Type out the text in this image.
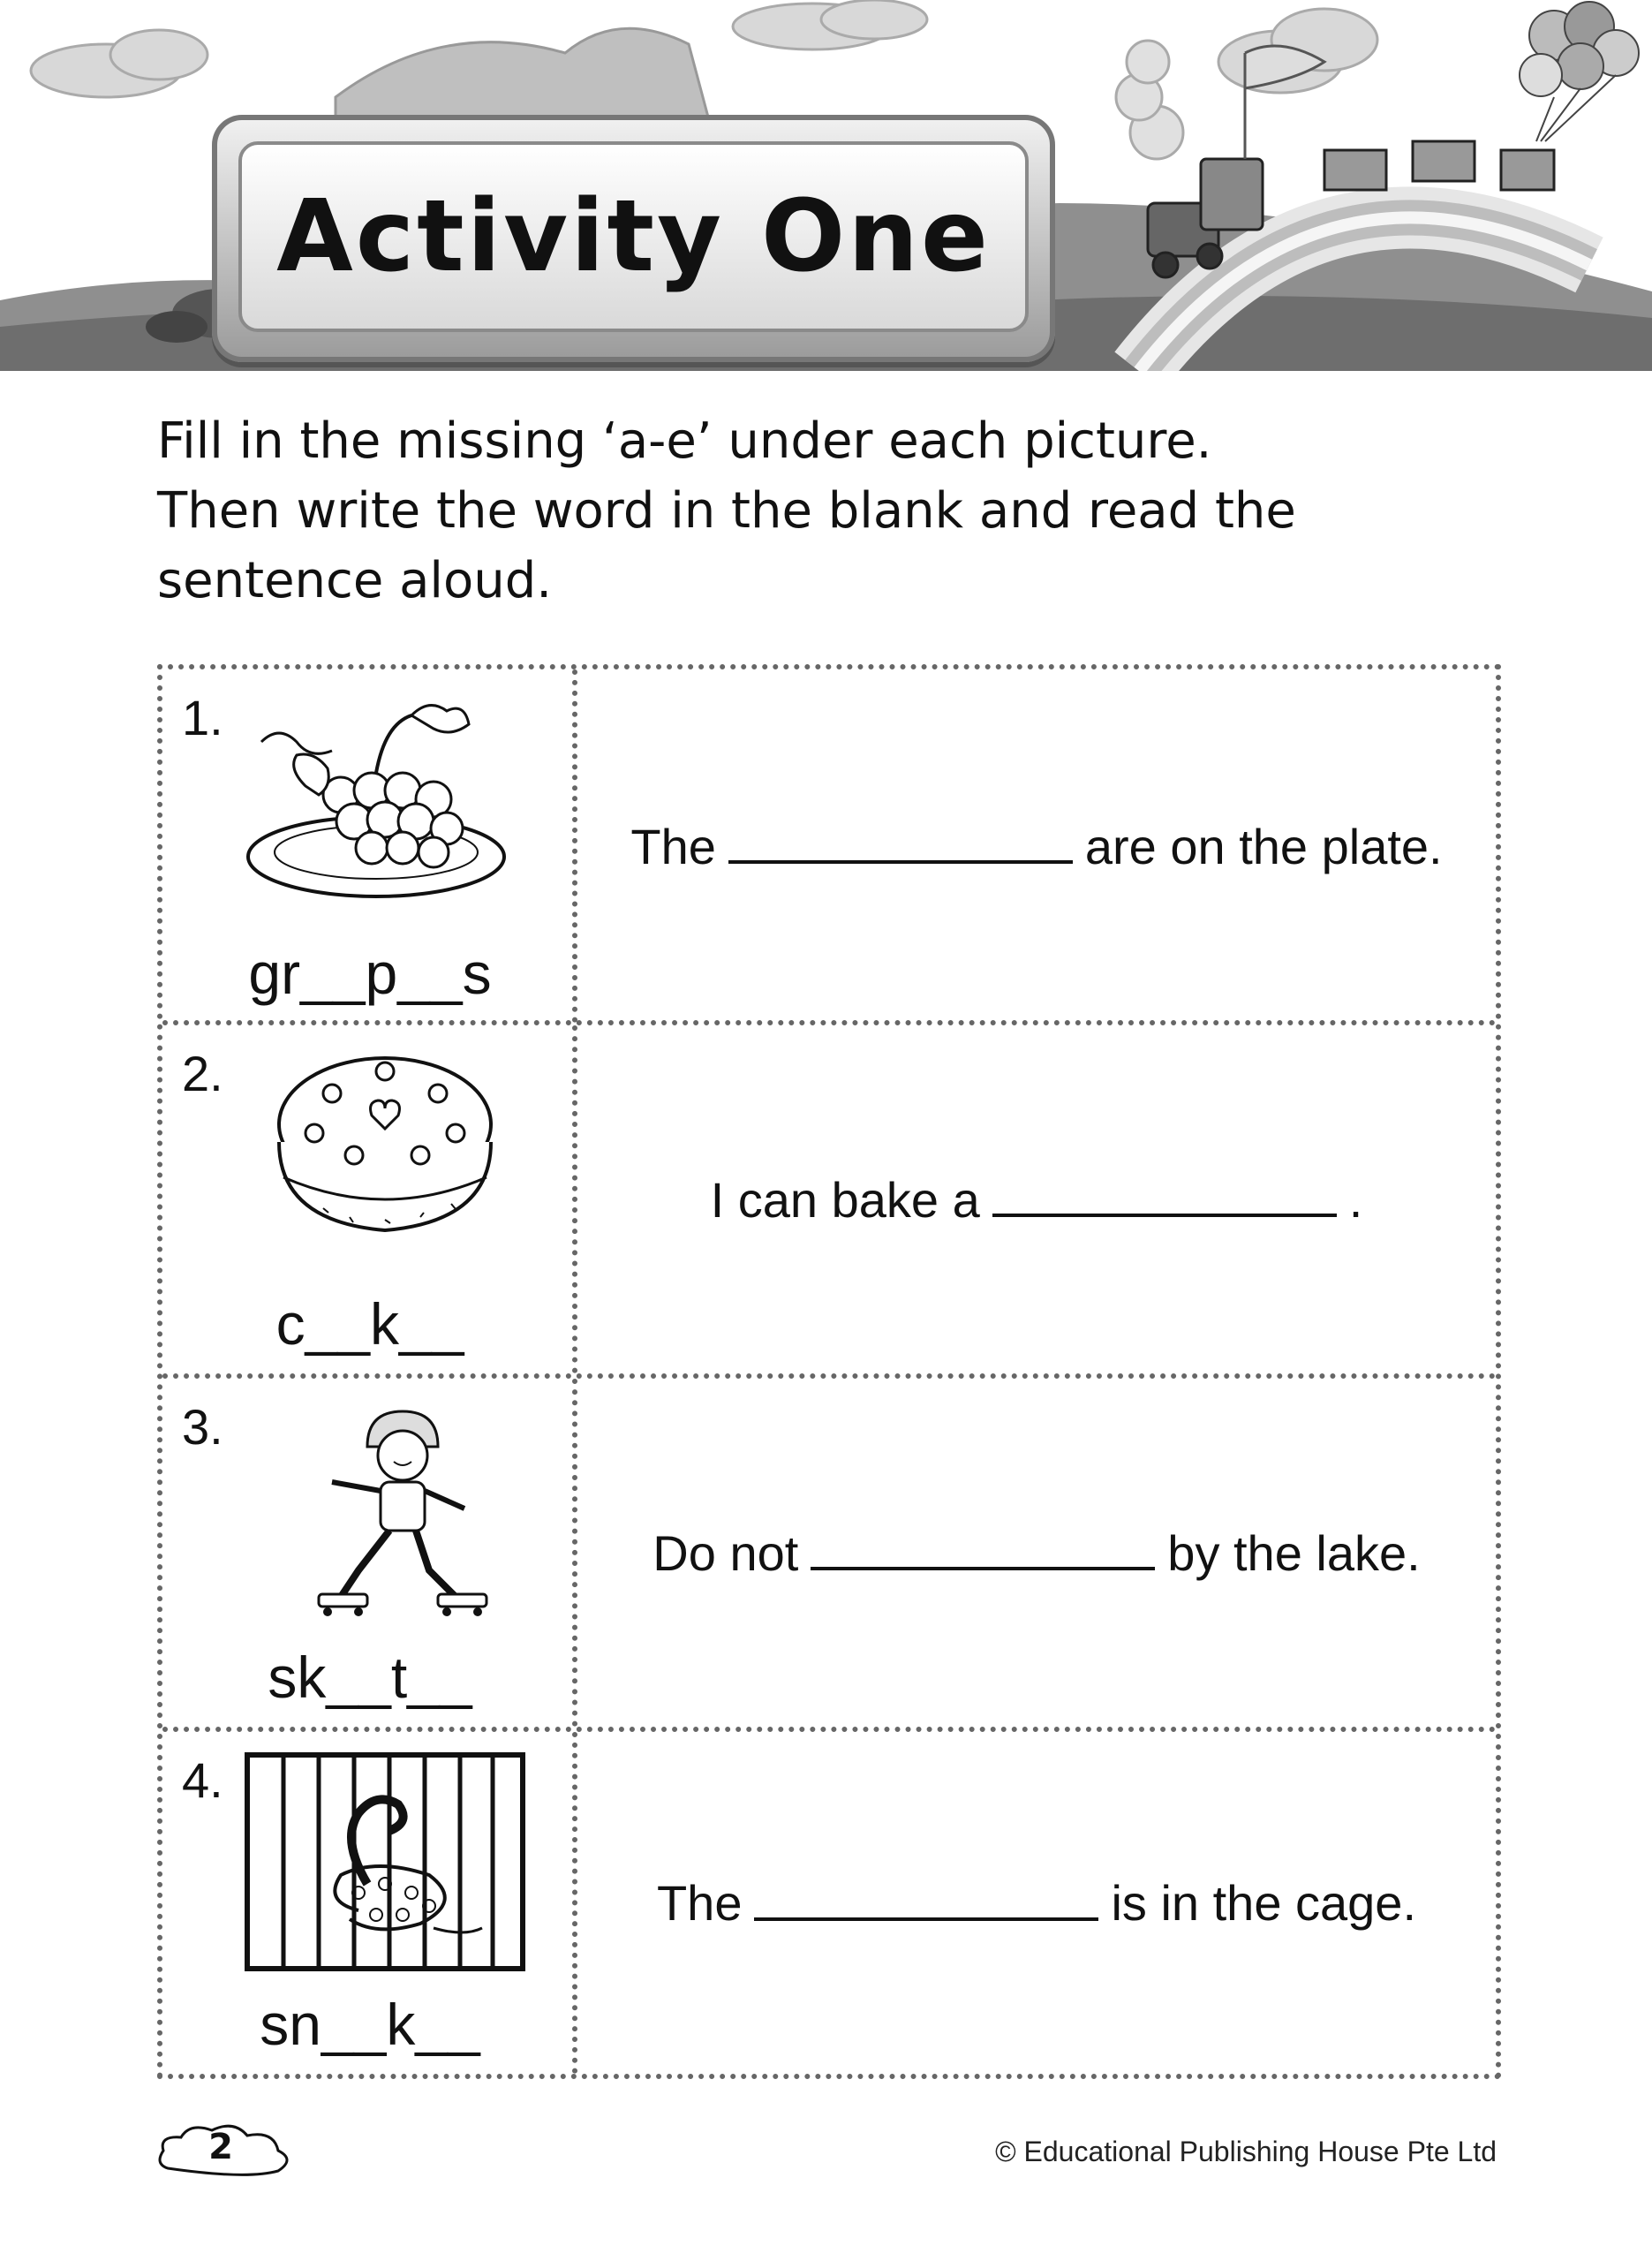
Activity One
Fill in the missing ‘a-e’ under each picture.
Then write the word in the blank and read the
sentence aloud.
1.
gr__p__s
The	are on the plate.
2.
c__k__
I can bake a	.
3.
sk__t__
Do not	by the lake.
4.
sn__k__
The	is in the cage.
2	© Educational Publishing House Pte Ltd
